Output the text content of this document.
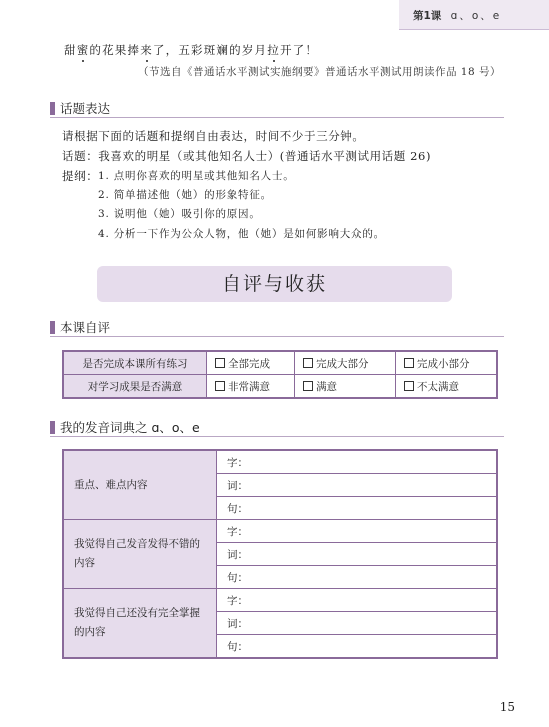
第1课 ɑ、o、e
甜蜜的花果捧来了，五彩斑斓的岁月拉开了！
（节选自《普通话水平测试实施纲要》普通话水平测试用朗读作品 18 号）
话题表达
请根据下面的话题和提纲自由表达，时间不少于三分钟。
话题：我喜欢的明星（或其他知名人士）(普通话水平测试用话题 26)
提纲： 1. 点明你喜欢的明星或其他知名人士。
2. 简单描述他（她）的形象特征。
3. 说明他（她）吸引你的原因。
4. 分析一下作为公众人物，他（她）是如何影响大众的。
自评与收获
本课自评
是否完成本课所有练习	全部完成	完成大部分	完成小部分
对学习成果是否满意	非常满意	满意	不太满意
我的发音词典之 ɑ、o、e
重点、难点内容	字：
	词：
	句：
我觉得自己发音发得不错的内容	字：
	词：
	句：
我觉得自己还没有完全掌握的内容	字：
	词：
	句：
15
